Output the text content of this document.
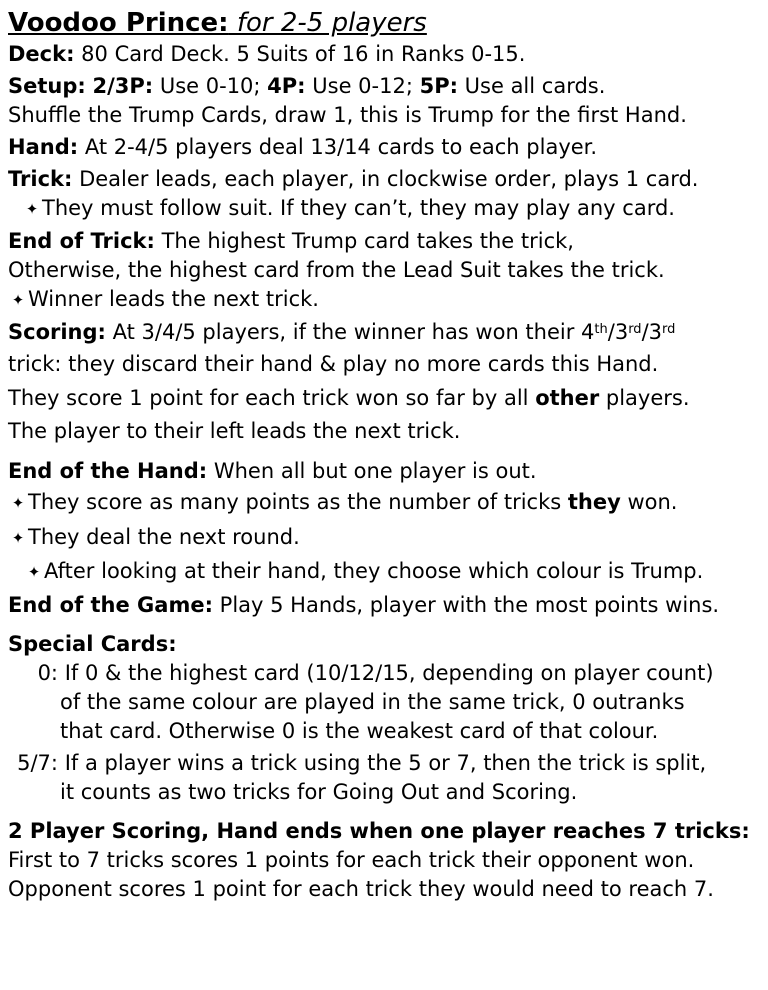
Voodoo Prince: for 2-5 players

Deck: 80 Card Deck. 5 Suits of 16 in Ranks 0-15.

Setup: 2/3P: Use 0-10; 4P: Use 0-12; 5P: Use all cards.

Shuffle the Trump Cards, draw 1, this is Trump for the first Hand.

Hand: At 2-4/5 players deal 13/14 cards to each player.

Trick: Dealer leads, each player, in clockwise order, plays 1 card.

✦ They must follow suit. If they can’t, they may play any card.

End of Trick: The highest Trump card takes the trick,

Otherwise, the highest card from the Lead Suit takes the trick.

✦ Winner leads the next trick.

Scoring: At 3/4/5 players, if the winner has won their 4th/3rd/3rd

trick: they discard their hand & play no more cards this Hand.

They score 1 point for each trick won so far by all other players.

The player to their left leads the next trick.

End of the Hand: When all but one player is out.

✦ They score as many points as the number of tricks they won.

✦ They deal the next round.

✦ After looking at their hand, they choose which colour is Trump.

End of the Game: Play 5 Hands, player with the most points wins.

Special Cards:

0: If 0 & the highest card (10/12/15, depending on player count)

of the same colour are played in the same trick, 0 outranks

that card. Otherwise 0 is the weakest card of that colour.

5/7: If a player wins a trick using the 5 or 7, then the trick is split,

it counts as two tricks for Going Out and Scoring.

2 Player Scoring, Hand ends when one player reaches 7 tricks:

First to 7 tricks scores 1 points for each trick their opponent won.

Opponent scores 1 point for each trick they would need to reach 7.
